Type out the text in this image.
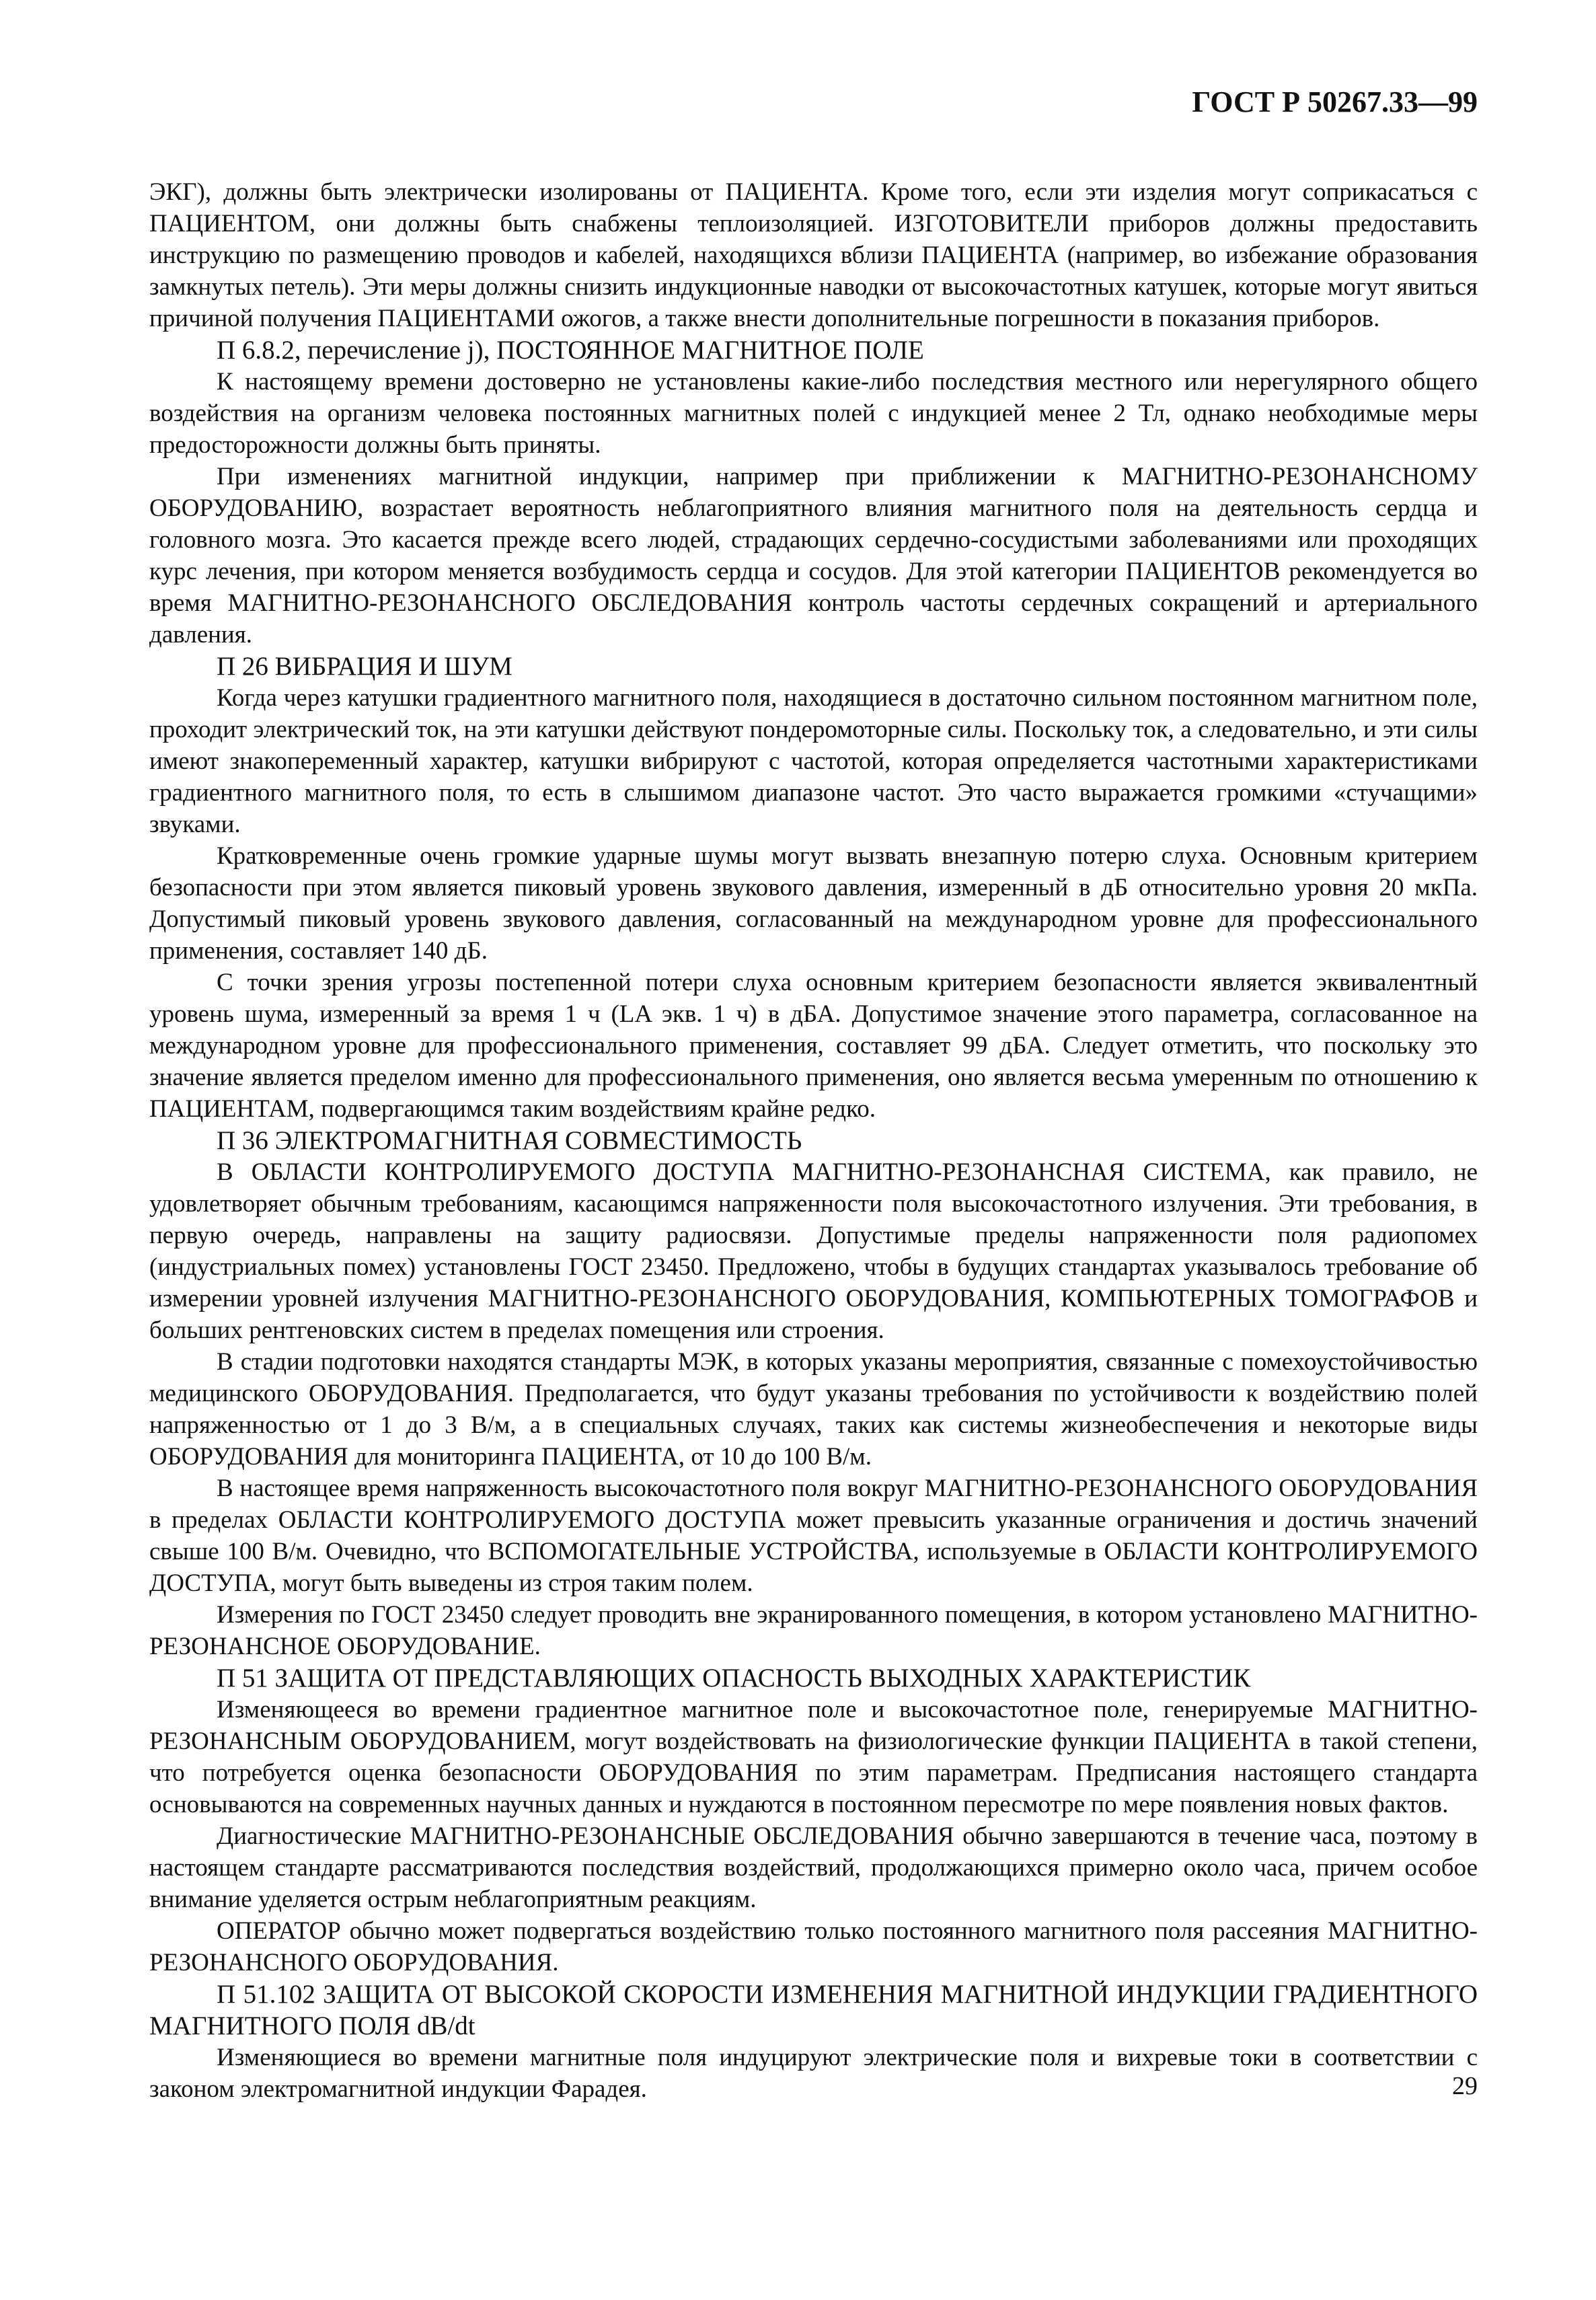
ГОСТ Р 50267.33—99

ЭКГ), должны быть электрически изолированы от ПАЦИЕНТА. Кроме того, если эти изделия могут соприкасаться с ПАЦИЕНТОМ, они должны быть снабжены теплоизоляцией. ИЗГОТОВИТЕЛИ приборов должны предоставить инструкцию по размещению проводов и кабелей, находящихся вблизи ПАЦИЕНТА (например, во избежание образования замкнутых петель). Эти меры должны снизить индукционные наводки от высокочастотных катушек, которые могут явиться причиной получения ПАЦИЕНТАМИ ожогов, а также внести дополнительные погрешности в показания приборов.

П 6.8.2, перечисление j), ПОСТОЯННОЕ МАГНИТНОЕ ПОЛЕ

К настоящему времени достоверно не установлены какие-либо последствия местного или нерегулярного общего воздействия на организм человека постоянных магнитных полей с индукцией менее 2 Тл, однако необходимые меры предосторожности должны быть приняты.

При изменениях магнитной индукции, например при приближении к МАГНИТНО-РЕЗОНАНСНОМУ ОБОРУДОВАНИЮ, возрастает вероятность неблагоприятного влияния магнитного поля на деятельность сердца и головного мозга. Это касается прежде всего людей, страдающих сердечно-сосудистыми заболеваниями или проходящих курс лечения, при котором меняется возбудимость сердца и сосудов. Для этой категории ПАЦИЕНТОВ рекомендуется во время МАГНИТНО-РЕЗОНАНСНОГО ОБСЛЕДОВАНИЯ контроль частоты сердечных сокращений и артериального давления.

П 26 ВИБРАЦИЯ И ШУМ

Когда через катушки градиентного магнитного поля, находящиеся в достаточно сильном постоянном магнитном поле, проходит электрический ток, на эти катушки действуют пондеромоторные силы. Поскольку ток, а следовательно, и эти силы имеют знакопеременный характер, катушки вибрируют с частотой, которая определяется частотными характеристиками градиентного магнитного поля, то есть в слышимом диапазоне частот. Это часто выражается громкими «стучащими» звуками.

Кратковременные очень громкие ударные шумы могут вызвать внезапную потерю слуха. Основным критерием безопасности при этом является пиковый уровень звукового давления, измеренный в дБ относительно уровня 20 мкПа. Допустимый пиковый уровень звукового давления, согласованный на международном уровне для профессионального применения, составляет 140 дБ.

С точки зрения угрозы постепенной потери слуха основным критерием безопасности является эквивалентный уровень шума, измеренный за время 1 ч (LA экв. 1 ч) в дБА. Допустимое значение этого параметра, согласованное на международном уровне для профессионального применения, составляет 99 дБА. Следует отметить, что поскольку это значение является пределом именно для профессионального применения, оно является весьма умеренным по отношению к ПАЦИЕНТАМ, подвергающимся таким воздействиям крайне редко.

П 36 ЭЛЕКТРОМАГНИТНАЯ СОВМЕСТИМОСТЬ

В ОБЛАСТИ КОНТРОЛИРУЕМОГО ДОСТУПА МАГНИТНО-РЕЗОНАНСНАЯ СИСТЕМА, как правило, не удовлетворяет обычным требованиям, касающимся напряженности поля высокочастотного излучения. Эти требования, в первую очередь, направлены на защиту радиосвязи. Допустимые пределы напряженности поля радиопомех (индустриальных помех) установлены ГОСТ 23450. Предложено, чтобы в будущих стандартах указывалось требование об измерении уровней излучения МАГНИТНО-РЕЗОНАНСНОГО ОБОРУДОВАНИЯ, КОМПЬЮТЕРНЫХ ТОМОГРАФОВ и больших рентгеновских систем в пределах помещения или строения.

В стадии подготовки находятся стандарты МЭК, в которых указаны мероприятия, связанные с помехоустойчивостью медицинского ОБОРУДОВАНИЯ. Предполагается, что будут указаны требования по устойчивости к воздействию полей напряженностью от 1 до 3 В/м, а в специальных случаях, таких как системы жизнеобеспечения и некоторые виды ОБОРУДОВАНИЯ для мониторинга ПАЦИЕНТА, от 10 до 100 В/м.

В настоящее время напряженность высокочастотного поля вокруг МАГНИТНО-РЕЗОНАНСНОГО ОБОРУДОВАНИЯ в пределах ОБЛАСТИ КОНТРОЛИРУЕМОГО ДОСТУПА может превысить указанные ограничения и достичь значений свыше 100 В/м. Очевидно, что ВСПОМОГАТЕЛЬНЫЕ УСТРОЙСТВА, используемые в ОБЛАСТИ КОНТРОЛИРУЕМОГО ДОСТУПА, могут быть выведены из строя таким полем.

Измерения по ГОСТ 23450 следует проводить вне экранированного помещения, в котором установлено МАГНИТНО-РЕЗОНАНСНОЕ ОБОРУДОВАНИЕ.

П 51 ЗАЩИТА ОТ ПРЕДСТАВЛЯЮЩИХ ОПАСНОСТЬ ВЫХОДНЫХ ХАРАКТЕРИСТИК

Изменяющееся во времени градиентное магнитное поле и высокочастотное поле, генерируемые МАГНИТНО-РЕЗОНАНСНЫМ ОБОРУДОВАНИЕМ, могут воздействовать на физиологические функции ПАЦИЕНТА в такой степени, что потребуется оценка безопасности ОБОРУДОВАНИЯ по этим параметрам. Предписания настоящего стандарта основываются на современных научных данных и нуждаются в постоянном пересмотре по мере появления новых фактов.

Диагностические МАГНИТНО-РЕЗОНАНСНЫЕ ОБСЛЕДОВАНИЯ обычно завершаются в течение часа, поэтому в настоящем стандарте рассматриваются последствия воздействий, продолжающихся примерно около часа, причем особое внимание уделяется острым неблагоприятным реакциям.

ОПЕРАТОР обычно может подвергаться воздействию только постоянного магнитного поля рассеяния МАГНИТНО-РЕЗОНАНСНОГО ОБОРУДОВАНИЯ.

П 51.102 ЗАЩИТА ОТ ВЫСОКОЙ СКОРОСТИ ИЗМЕНЕНИЯ МАГНИТНОЙ ИНДУКЦИИ ГРАДИЕНТНОГО МАГНИТНОГО ПОЛЯ dB/dt

Изменяющиеся во времени магнитные поля индуцируют электрические поля и вихревые токи в соответствии с законом электромагнитной индукции Фарадея.	29
